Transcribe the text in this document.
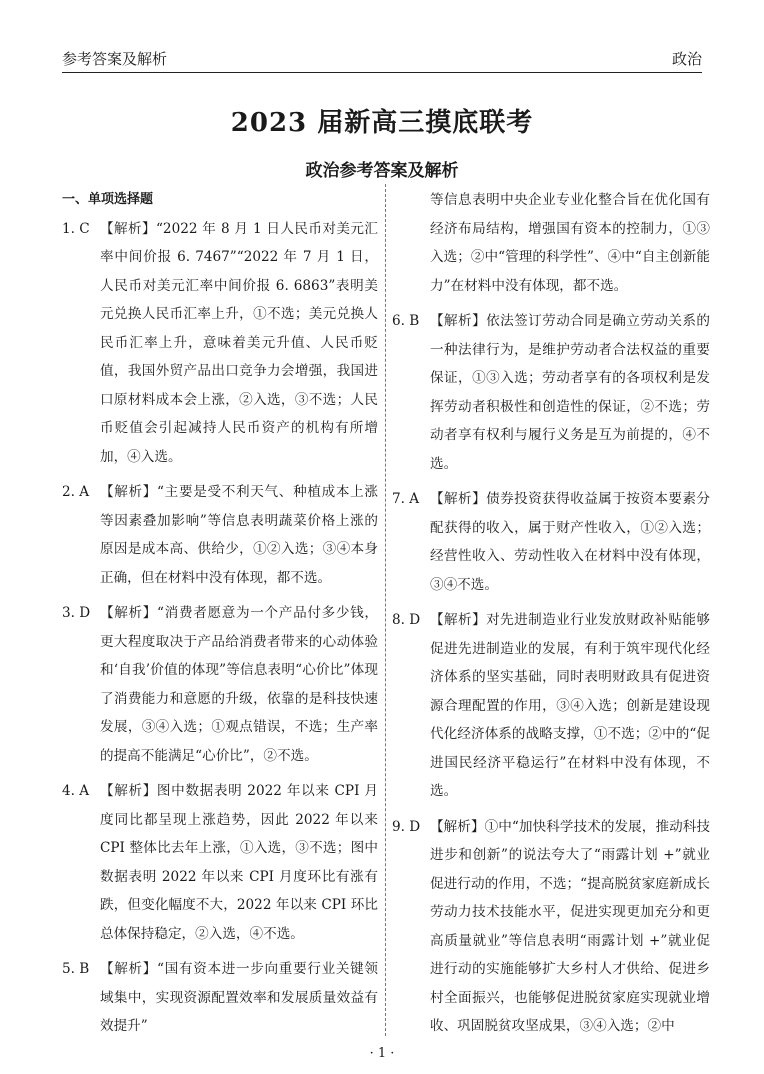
参考答案及解析	政治
2023 届新高三摸底联考
政治参考答案及解析

一、单项选择题

1. C 【解析】“2022 年 8 月 1 日人民币对美元汇率中间价报 6. 7467”“2022 年 7 月 1 日，人民币对美元汇率中间价报 6. 6863”表明美元兑换人民币汇率上升，①不选；美元兑换人民币汇率上升，意味着美元升值、人民币贬值，我国外贸产品出口竞争力会增强，我国进口原材料成本会上涨，②入选，③不选；人民币贬值会引起减持人民币资产的机构有所增加，④入选。
2. A 【解析】“主要是受不利天气、种植成本上涨等因素叠加影响”等信息表明蔬菜价格上涨的原因是成本高、供给少，①②入选；③④本身正确，但在材料中没有体现，都不选。
3. D 【解析】“消费者愿意为一个产品付多少钱，更大程度取决于产品给消费者带来的心动体验和‘自我’价值的体现”等信息表明“心价比”体现了消费能力和意愿的升级，依靠的是科技快速发展，③④入选；①观点错误，不选；生产率的提高不能满足“心价比”，②不选。
4. A 【解析】图中数据表明 2022 年以来 CPI 月度同比都呈现上涨趋势，因此 2022 年以来 CPI 整体比去年上涨，①入选，③不选；图中数据表明 2022 年以来 CPI 月度环比有涨有跌，但变化幅度不大，2022 年以来 CPI 环比总体保持稳定，②入选，④不选。
5. B 【解析】“国有资本进一步向重要行业关键领域集中，实现资源配置效率和发展质量效益有效提升”
等信息表明中央企业专业化整合旨在优化国有经济布局结构，增强国有资本的控制力，①③入选；②中“管理的科学性”、④中“自主创新能力”在材料中没有体现，都不选。
6. B 【解析】依法签订劳动合同是确立劳动关系的一种法律行为，是维护劳动者合法权益的重要保证，①③入选；劳动者享有的各项权利是发挥劳动者积极性和创造性的保证，②不选；劳动者享有权利与履行义务是互为前提的，④不选。
7. A 【解析】债券投资获得收益属于按资本要素分配获得的收入，属于财产性收入，①②入选；经营性收入、劳动性收入在材料中没有体现，③④不选。
8. D 【解析】对先进制造业行业发放财政补贴能够促进先进制造业的发展，有利于筑牢现代化经济体系的坚实基础，同时表明财政具有促进资源合理配置的作用，③④入选；创新是建设现代化经济体系的战略支撑，①不选；②中的“促进国民经济平稳运行”在材料中没有体现，不选。
9. D 【解析】①中“加快科学技术的发展，推动科技进步和创新”的说法夸大了“雨露计划 +”就业促进行动的作用，不选；“提高脱贫家庭新成长劳动力技术技能水平，促进实现更加充分和更高质量就业”等信息表明“雨露计划 +”就业促进行动的实施能够扩大乡村人才供给、促进乡村全面振兴，也能够促进脱贫家庭实现就业增收、巩固脱贫攻坚成果，③④入选；②中
· 1 ·
